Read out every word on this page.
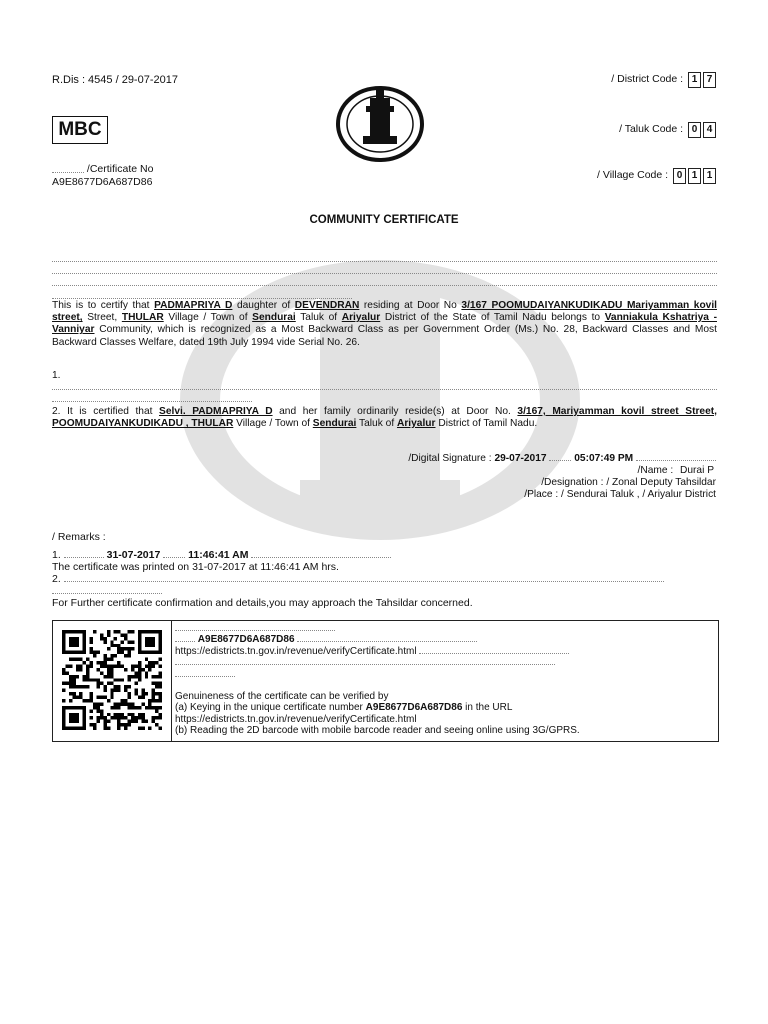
R.Dis : 4545 / 29-07-2017
MBC
/Certificate No
A9E8677D6A687D86
/ District Code : 1 7
/ Taluk Code : 0 4
/ Village Code : 0 1 1
COMMUNITY CERTIFICATE
This is to certify that PADMAPRIYA D daughter of DEVENDRAN residing at Door No 3/167 POOMUDAIYANKUDIKADU Mariyamman kovil street, Street, THULAR Village / Town of Sendurai Taluk of Ariyalur District of the State of Tamil Nadu belongs to Vanniakula Kshatriya - Vanniyar Community, which is recognized as a Most Backward Class as per Government Order (Ms.) No. 28, Backward Classes and Most Backward Classes Welfare, dated 19th July 1994 vide Serial No. 26.
1.
2. It is certified that Selvi. PADMAPRIYA D and her family ordinarily reside(s) at Door No. 3/167, Mariyamman kovil street Street, POOMUDAIYANKUDIKADU , THULAR Village / Town of Sendurai Taluk of Ariyalur District of Tamil Nadu.
/Digital Signature : 29-07-2017	05:07:49 PM
/Name : Durai P
/Designation : / Zonal Deputy Tahsildar
/Place : / Sendurai Taluk , / Ariyalur District
/ Remarks :
1.	31-07-2017	11:46:41 AM
The certificate was printed on 31-07-2017 at 11:46:41 AM hrs.
2.
For Further certificate confirmation and details,you may approach the Tahsildar concerned.
A9E8677D6A687D86
https://edistricts.tn.gov.in/revenue/verifyCertificate.html
Genuineness of the certificate can be verified by
(a) Keying in the unique certificate number A9E8677D6A687D86 in the URL
https://edistricts.tn.gov.in/revenue/verifyCertificate.html
(b) Reading the 2D barcode with mobile barcode reader and seeing online using 3G/GPRS.
